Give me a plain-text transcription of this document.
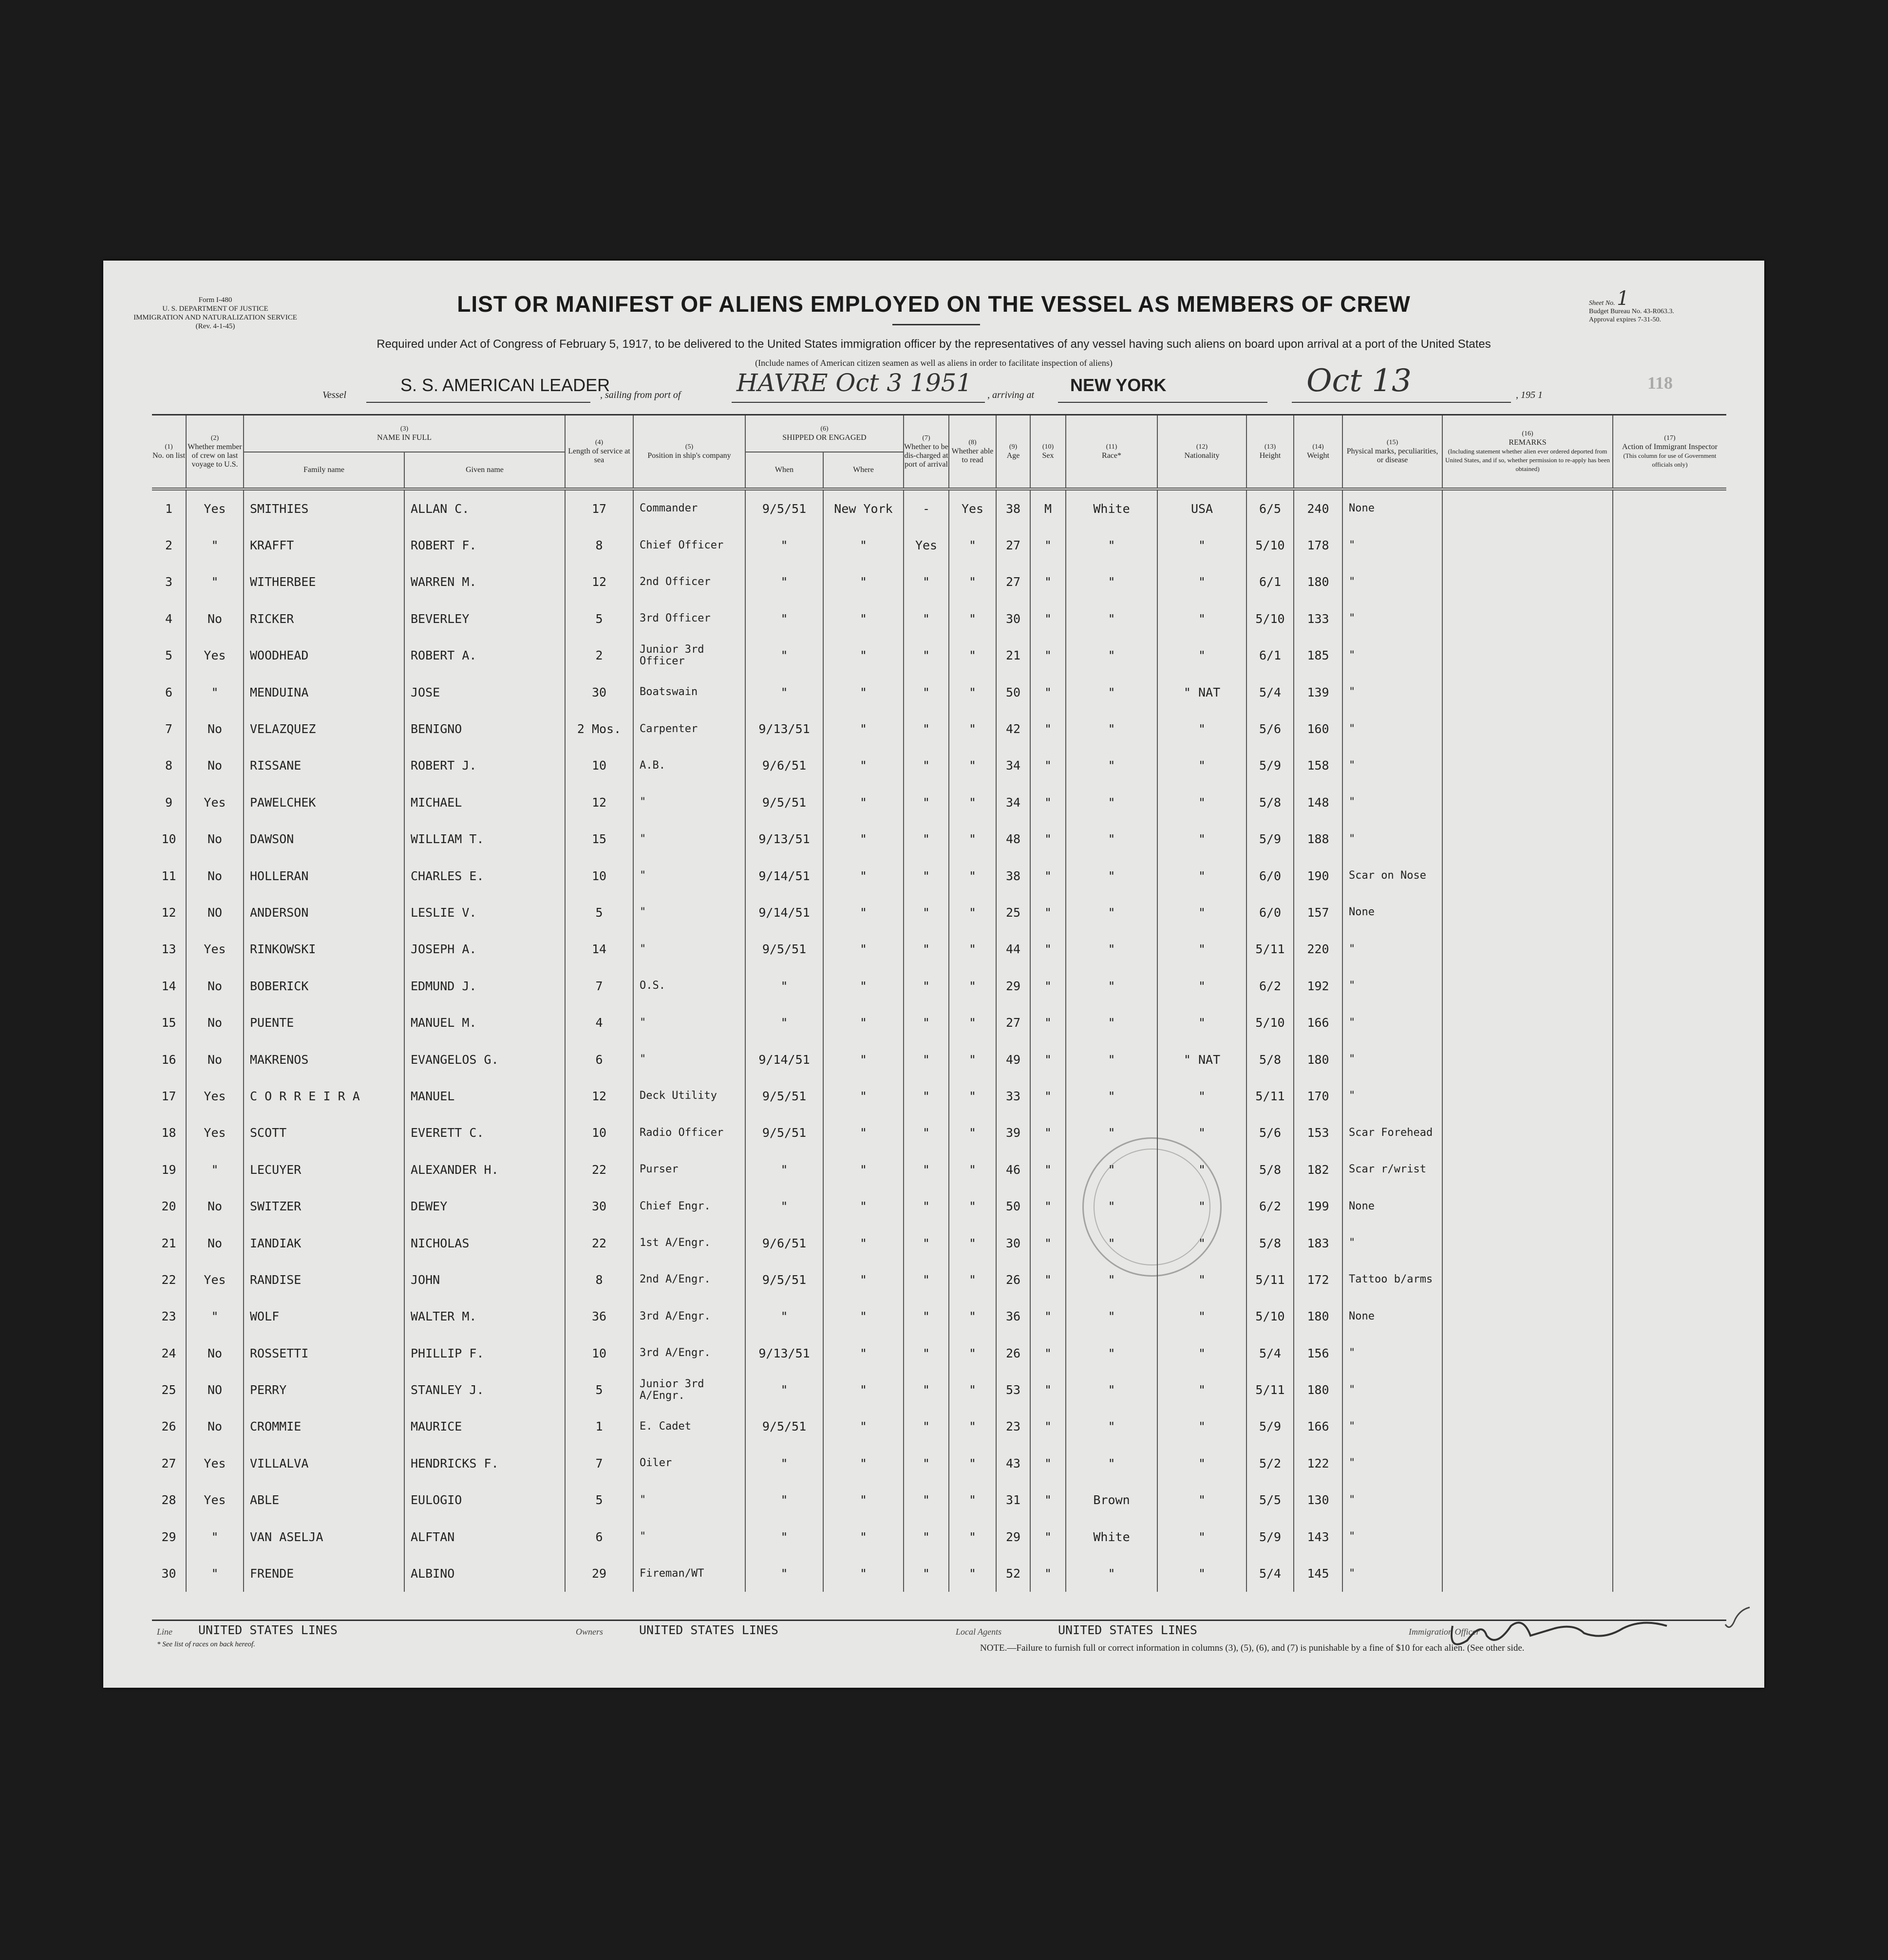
Form I-480
U. S. DEPARTMENT OF JUSTICE
IMMIGRATION AND NATURALIZATION SERVICE
(Rev. 4-1-45)
LIST OR MANIFEST OF ALIENS EMPLOYED ON THE VESSEL AS MEMBERS OF CREW	Sheet No. 1
Budget Bureau No. 43-R063.3.
Approval expires 7-31-50.
Required under Act of Congress of February 5, 1917, to be delivered to the United States immigration officer by the representatives of any vessel having such aliens on board upon arrival at a port of the United States
(Include names of American citizen seamen as well as aliens in order to facilitate inspection of aliens)
Vessel	S. S. AMERICAN LEADER
, sailing from port of HAVRE Oct 3 1951 , arriving at NEW YORK	Oct 13	, 195 1
118
(1)
No. on list	(2)
Whether member of crew on last voyage to U.S.	(3)
NAME IN FULL		(4)
Length of service at sea	(5)
Position in ship's company	(6)
SHIPPED OR ENGAGED		(7)
Whether to be dis-charged at port of arrival	(8)
Whether able to read	(9)
Age	(10)
Sex	(11)
Race*	(12)
Nationality	(13)
Height	(14)
Weight	(15)
Physical marks, peculiarities, or disease	(16)
REMARKS
(Including statement whether alien ever ordered deported from United States, and if so, whether permission to re-apply has been obtained)	(17)
Action of Immigrant Inspector
(This column for use of Government officials only)
		Family name	Given name			When	Where											
1	Yes	SMITHIES	ALLAN C.	17	Commander	9/5/51	New York	-	Yes	38	M	White	USA	6/5	240	None		
2	"	KRAFFT	ROBERT F.	8	Chief Officer	"	"	Yes	"	27	"	"	"	5/10	178	"		
3	"	WITHERBEE	WARREN M.	12	2nd Officer	"	"	"	"	27	"	"	"	6/1	180	"		
4	No	RICKER	BEVERLEY	5	3rd Officer	"	"	"	"	30	"	"	"	5/10	133	"		
5	Yes	WOODHEAD	ROBERT A.	2	Junior 3rd Officer	"	"	"	"	21	"	"	"	6/1	185	"		
6	"	MENDUINA	JOSE	30	Boatswain	"	"	"	"	50	"	"	" NAT	5/4	139	"		
7	No	VELAZQUEZ	BENIGNO	2 Mos.	Carpenter	9/13/51	"	"	"	42	"	"	"	5/6	160	"		
8	No	RISSANE	ROBERT J.	10	A.B.	9/6/51	"	"	"	34	"	"	"	5/9	158	"		
9	Yes	PAWELCHEK	MICHAEL	12	"	9/5/51	"	"	"	34	"	"	"	5/8	148	"		
10	No	DAWSON	WILLIAM T.	15	"	9/13/51	"	"	"	48	"	"	"	5/9	188	"		
11	No	HOLLERAN	CHARLES E.	10	"	9/14/51	"	"	"	38	"	"	"	6/0	190	Scar on Nose		
12	NO	ANDERSON	LESLIE V.	5	"	9/14/51	"	"	"	25	"	"	"	6/0	157	None		
13	Yes	RINKOWSKI	JOSEPH A.	14	"	9/5/51	"	"	"	44	"	"	"	5/11	220	"		
14	No	BOBERICK	EDMUND J.	7	O.S.	"	"	"	"	29	"	"	"	6/2	192	"		
15	No	PUENTE	MANUEL M.	4	"	"	"	"	"	27	"	"	"	5/10	166	"		
16	No	MAKRENOS	EVANGELOS G.	6	"	9/14/51	"	"	"	49	"	"	" NAT	5/8	180	"		
17	Yes	C O R R E I R A	MANUEL	12	Deck Utility	9/5/51	"	"	"	33	"	"	"	5/11	170	"		
18	Yes	SCOTT	EVERETT C.	10	Radio Officer	9/5/51	"	"	"	39	"	"	"	5/6	153	Scar Forehead		
19	"	LECUYER	ALEXANDER H.	22	Purser	"	"	"	"	46	"	"	"	5/8	182	Scar r/wrist		
20	No	SWITZER	DEWEY	30	Chief Engr.	"	"	"	"	50	"	"	"	6/2	199	None		
21	No	IANDIAK	NICHOLAS	22	1st A/Engr.	9/6/51	"	"	"	30	"	"	"	5/8	183	"		
22	Yes	RANDISE	JOHN	8	2nd A/Engr.	9/5/51	"	"	"	26	"	"	"	5/11	172	Tattoo b/arms		
23	"	WOLF	WALTER M.	36	3rd A/Engr.	"	"	"	"	36	"	"	"	5/10	180	None		
24	No	ROSSETTI	PHILLIP F.	10	3rd A/Engr.	9/13/51	"	"	"	26	"	"	"	5/4	156	"		
25	NO	PERRY	STANLEY J.	5	Junior 3rd A/Engr.	"	"	"	"	53	"	"	"	5/11	180	"		
26	No	CROMMIE	MAURICE	1	E. Cadet	9/5/51	"	"	"	23	"	"	"	5/9	166	"		
27	Yes	VILLALVA	HENDRICKS F.	7	Oiler	"	"	"	"	43	"	"	"	5/2	122	"		
28	Yes	ABLE	EULOGIO	5	"	"	"	"	"	31	"	Brown	"	5/5	130	"		
29	"	VAN ASELJA	ALFTAN	6	"	"	"	"	"	29	"	White	"	5/9	143	"		
30	"	FRENDE	ALBINO	29	Fireman/WT	"	"	"	"	52	"	"	"	5/4	145	"		
Line UNITED STATES LINES	Owners	UNITED STATES LINES	Local Agents	UNITED STATES LINES	Immigration Officer
* See list of races on back hereof.	NOTE.—Failure to furnish full or correct information in columns (3), (5), (6), and (7) is punishable by a fine of $10 for each alien. (See other side.
